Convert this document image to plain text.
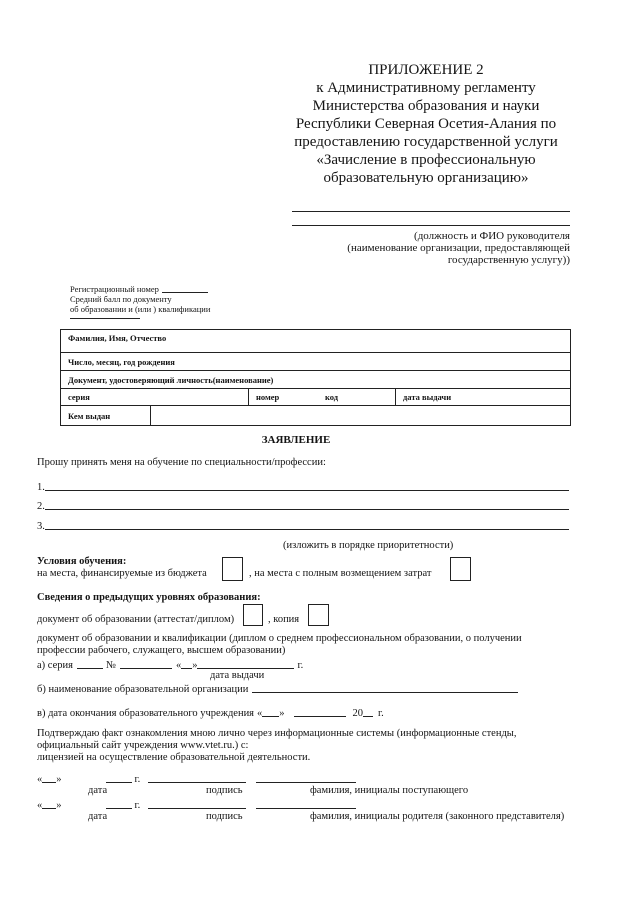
ПРИЛОЖЕНИЕ 2
к Административному регламенту
Министерства образования и науки
Республики Северная Осетия-Алания по
предоставлению государственной услуги
«Зачисление в профессиональную
образовательную организацию»
(должность и ФИО руководителя
(наименование организации, предоставляющей
государственную услугу))
Регистрационный номер
Средний балл по документу
об образовании и (или ) квалификации
Фамилия, Имя, Отчество			
Число, месяц, год рождения			
Документ, удостоверяющий личность(наименование)			
серия		номер код	дата выдачи
Кем выдан			
ЗАЯВЛЕНИЕ
Прошу принять меня на обучение по специальности/профессии:
1.
2.
3.
(изложить в порядке приоритетности)
Условия обучения:
на места, финансируемые из бюджета	, на места с полным возмещением затрат
Сведения о предыдущих уровнях образования:
документ об образовании (аттестат/диплом)	, копия
документ об образовании и квалификации (диплом о среднем профессиональном образовании, о получении
профессии рабочего, служащего, высшем образовании)
а) серия	№	« »	г.
дата выдачи
б) наименование образовательной организации
в) дата окончания образовательного учреждения « »	20 г.
Подтверждаю факт ознакомления мною лично через информационные системы (информационные стенды,
официальный сайт учреждения www.vtet.ru.) с:
лицензией на осуществление образовательной деятельности.
« »	г.
дата	подпись	фамилия, инициалы поступающего
« »	г.
дата	подпись	фамилия, инициалы родителя (законного представителя)
